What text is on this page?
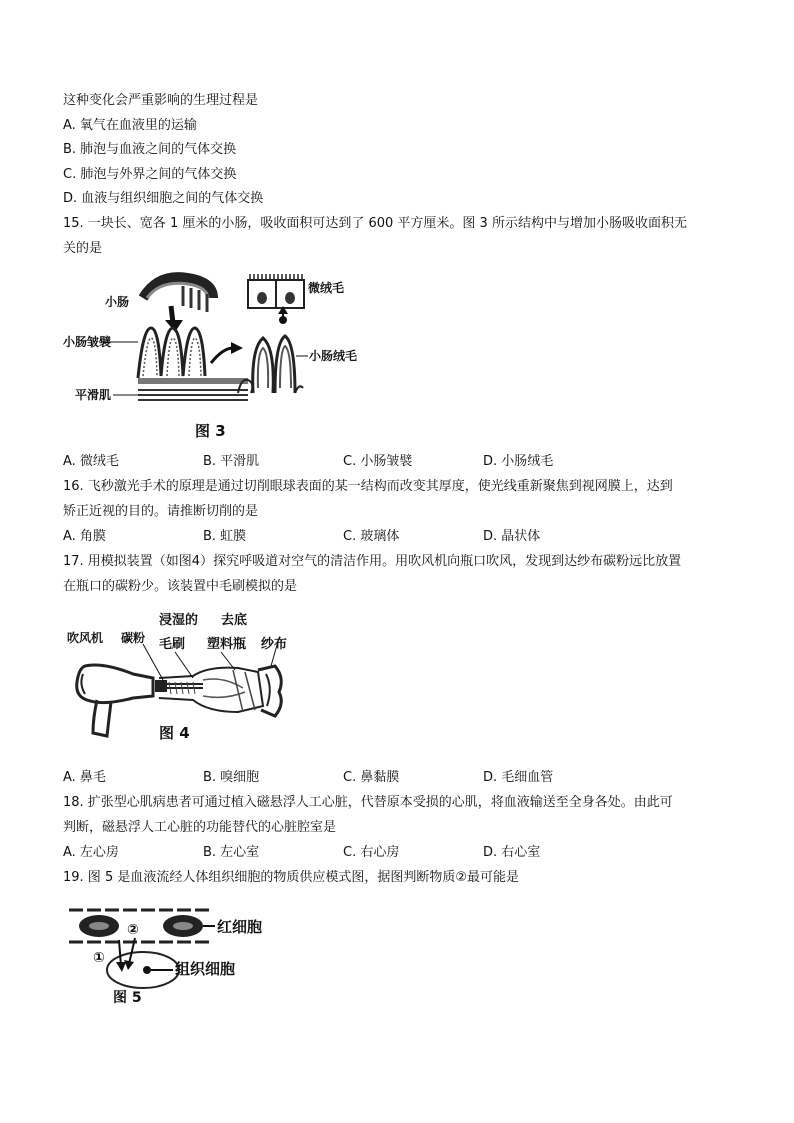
这种变化会严重影响的生理过程是
A. 氧气在血液里的运输
B. 肺泡与血液之间的气体交换
C. 肺泡与外界之间的气体交换
D. 血液与组织细胞之间的气体交换
15. 一块长、宽各 1 厘米的小肠，吸收面积可达到了 600 平方厘米。图 3 所示结构中与增加小肠吸收面积无
关的是
小肠
小肠皱襞
平滑肌
微绒毛
小肠绒毛
图 3
A. 微绒毛	B. 平滑肌	C. 小肠皱襞	D. 小肠绒毛
16. 飞秒激光手术的原理是通过切削眼球表面的某一结构而改变其厚度，使光线重新聚焦到视网膜上，达到
矫正近视的目的。请推断切削的是
A. 角膜	B. 虹膜	C. 玻璃体	D. 晶状体
17. 用模拟装置（如图4）探究呼吸道对空气的清洁作用。用吹风机向瓶口吹风，发现到达纱布碳粉远比放置
在瓶口的碳粉少。该装置中毛刷模拟的是
吹风机 碳粉
浸湿的
毛刷
去底
塑料瓶 纱布
图 4
A. 鼻毛	B. 嗅细胞	C. 鼻黏膜	D. 毛细血管
18. 扩张型心肌病患者可通过植入磁悬浮人工心脏，代替原本受损的心肌，将血液输送至全身各处。由此可
判断，磁悬浮人工心脏的功能替代的心脏腔室是
A. 左心房	B. 左心室	C. 右心房	D. 右心室
19. 图 5 是血液流经人体组织细胞的物质供应模式图，据图判断物质②最可能是
①
②	红细胞
组织细胞
图 5
